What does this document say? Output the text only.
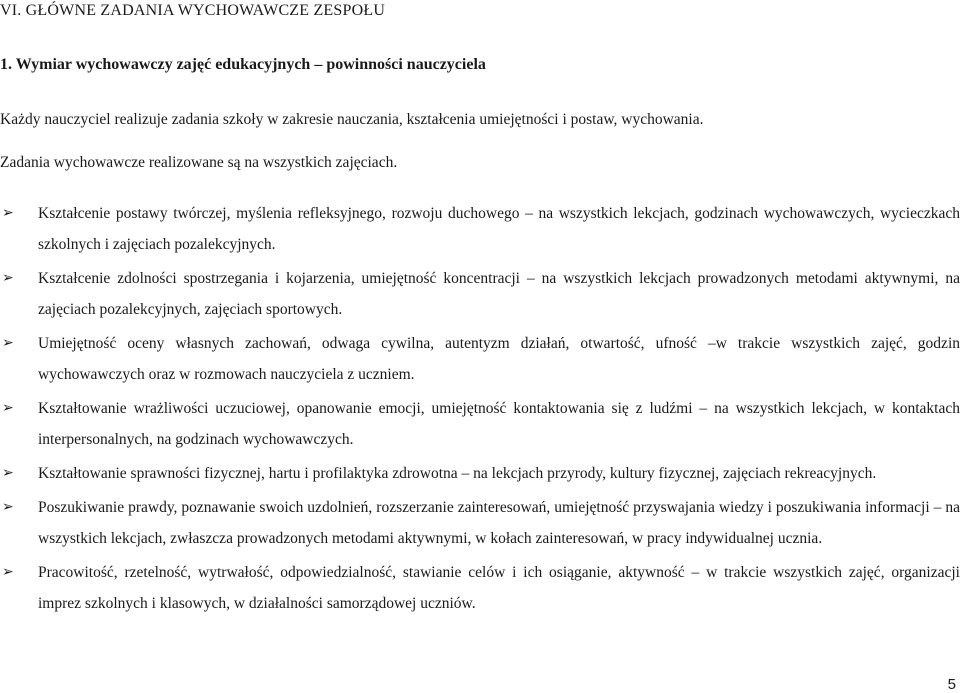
VI. GŁÓWNE ZADANIA WYCHOWAWCZE ZESPOŁU
1. Wymiar wychowawczy zajęć edukacyjnych – powinności nauczyciela
Każdy nauczyciel realizuje zadania szkoły w zakresie nauczania, kształcenia umiejętności i postaw, wychowania.
Zadania wychowawcze realizowane są na wszystkich zajęciach.
➢ Kształcenie postawy twórczej, myślenia refleksyjnego, rozwoju duchowego – na wszystkich lekcjach, godzinach wychowawczych, wycieczkach szkolnych i zajęciach pozalekcyjnych.
➢ Kształcenie zdolności spostrzegania i kojarzenia, umiejętność koncentracji – na wszystkich lekcjach prowadzonych metodami aktywnymi, na zajęciach pozalekcyjnych, zajęciach sportowych.
➢ Umiejętność oceny własnych zachowań, odwaga cywilna, autentyzm działań, otwartość, ufność –w trakcie wszystkich zajęć, godzin wychowawczych oraz w rozmowach nauczyciela z uczniem.
➢ Kształtowanie wrażliwości uczuciowej, opanowanie emocji, umiejętność kontaktowania się z ludźmi – na wszystkich lekcjach, w kontaktach interpersonalnych, na godzinach wychowawczych.
➢ Kształtowanie sprawności fizycznej, hartu i profilaktyka zdrowotna – na lekcjach przyrody, kultury fizycznej, zajęciach rekreacyjnych.
➢ Poszukiwanie prawdy, poznawanie swoich uzdolnień, rozszerzanie zainteresowań, umiejętność przyswajania wiedzy i poszukiwania informacji – na wszystkich lekcjach, zwłaszcza prowadzonych metodami aktywnymi, w kołach zainteresowań, w pracy indywidualnej ucznia.
➢ Pracowitość, rzetelność, wytrwałość, odpowiedzialność, stawianie celów i ich osiąganie, aktywność – w trakcie wszystkich zajęć, organizacji imprez szkolnych i klasowych, w działalności samorządowej uczniów.
5
